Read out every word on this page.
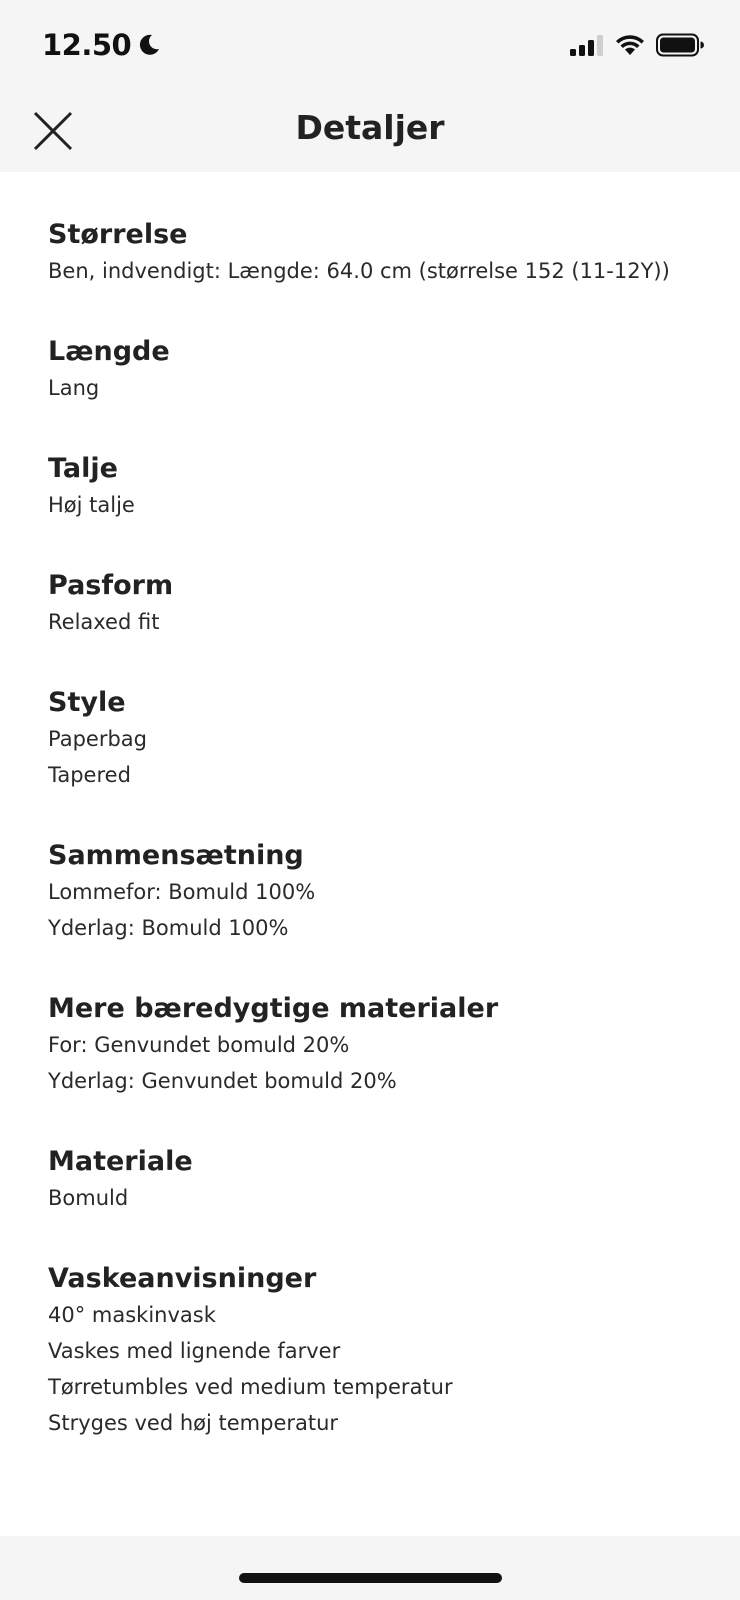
12.50
Detaljer
Størrelse
Ben, indvendigt: Længde: 64.0 cm (størrelse 152 (11-12Y))
Længde
Lang
Talje
Høj talje
Pasform
Relaxed fit
Style
Paperbag
Tapered
Sammensætning
Lommefor: Bomuld 100%
Yderlag: Bomuld 100%
Mere bæredygtige materialer
For: Genvundet bomuld 20%
Yderlag: Genvundet bomuld 20%
Materiale
Bomuld
Vaskeanvisninger
40° maskinvask
Vaskes med lignende farver
Tørretumbles ved medium temperatur
Stryges ved høj temperatur
